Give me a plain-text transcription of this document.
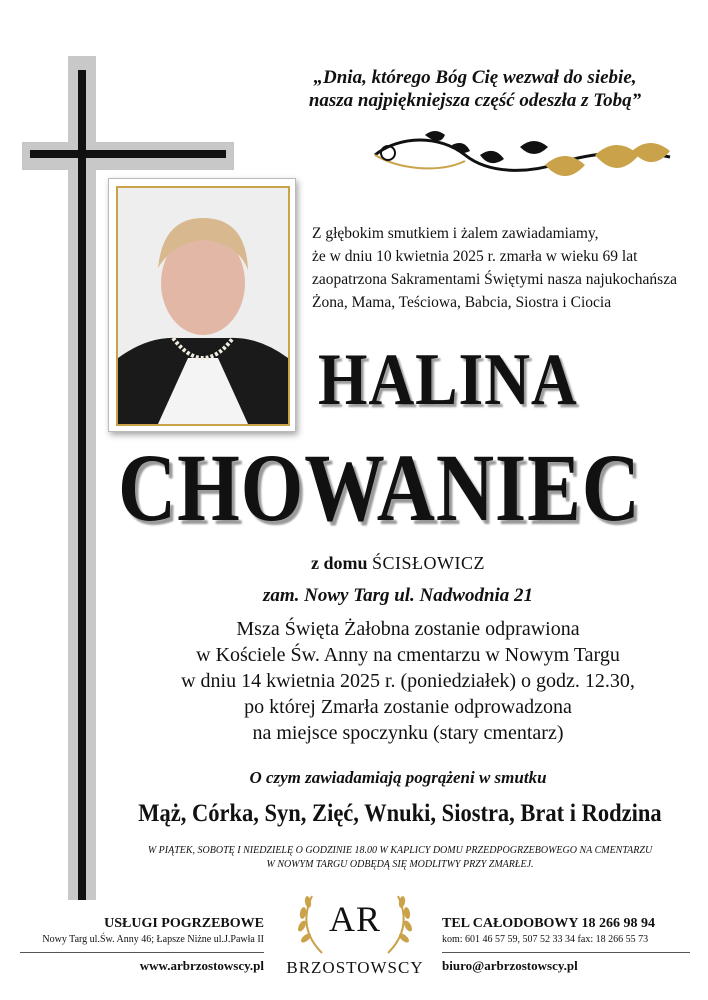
„Dnia, którego Bóg Cię wezwał do siebie,
nasza najpiękniejsza część odeszła z Tobą”
Z głębokim smutkiem i żalem zawiadamiamy,
że w dniu 10 kwietnia 2025 r. zmarła w wieku 69 lat
zaopatrzona Sakramentami Świętymi nasza najukochańsza
Żona, Mama, Teściowa, Babcia, Siostra i Ciocia
HALINA
CHOWANIEC
z domu ŚCISŁOWICZ
zam. Nowy Targ ul. Nadwodnia 21
Msza Święta Żałobna zostanie odprawiona
w Kościele Św. Anny na cmentarzu w Nowym Targu
w dniu 14 kwietnia 2025 r. (poniedziałek) o godz. 12.30,
po której Zmarła zostanie odprowadzona
na miejsce spoczynku (stary cmentarz)
O czym zawiadamiają pogrążeni w smutku
Mąż, Córka, Syn, Zięć, Wnuki, Siostra, Brat i Rodzina
W PIĄTEK, SOBOTĘ I NIEDZIELĘ O GODZINIE 18.00 W KAPLICY DOMU PRZEDPOGRZEBOWEGO NA CMENTARZU
W NOWYM TARGU ODBĘDĄ SIĘ MODLITWY PRZY ZMARŁEJ.
USŁUGI POGRZEBOWE
Nowy Targ ul.Św. Anny 46; Łapsze Niżne ul.J.Pawła II
www.arbrzostowscy.pl
AR
BRZOSTOWSCY
TEL CAŁODOBOWY 18 266 98 94
kom: 601 46 57 59, 507 52 33 34 fax: 18 266 55 73
biuro@arbrzostowscy.pl
